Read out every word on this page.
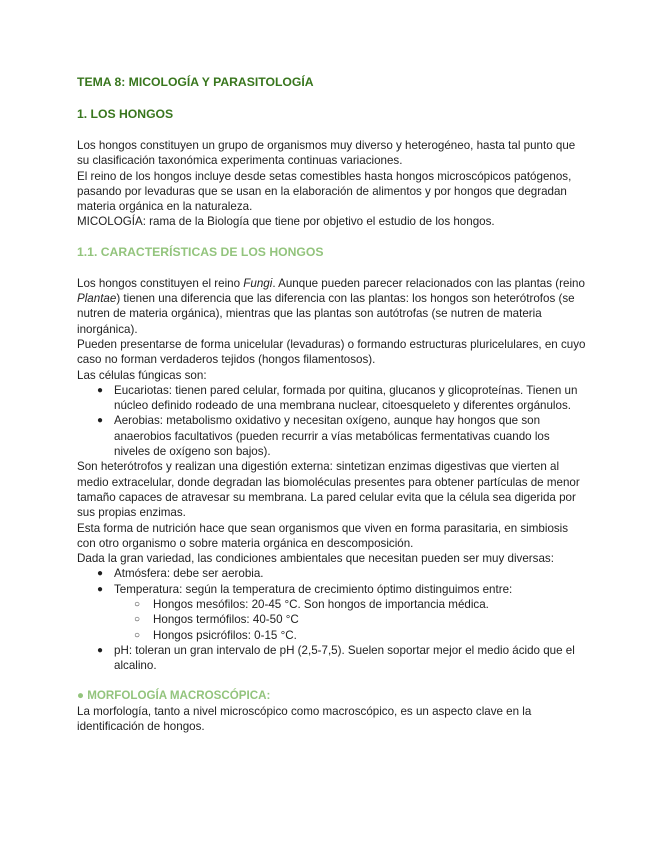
TEMA 8: MICOLOGÍA Y PARASITOLOGÍA
1. LOS HONGOS

Los hongos constituyen un grupo de organismos muy diverso y heterogéneo, hasta tal punto que su clasificación taxonómica experimenta continuas variaciones.

El reino de los hongos incluye desde setas comestibles hasta hongos microscópicos patógenos, pasando por levaduras que se usan en la elaboración de alimentos y por hongos que degradan materia orgánica en la naturaleza.

MICOLOGÍA: rama de la Biología que tiene por objetivo el estudio de los hongos.

1.1. CARACTERÍSTICAS DE LOS HONGOS

Los hongos constituyen el reino Fungi. Aunque pueden parecer relacionados con las plantas (reino Plantae) tienen una diferencia que las diferencia con las plantas: los hongos son heterótrofos (se nutren de materia orgánica), mientras que las plantas son autótrofas (se nutren de materia inorgánica).

Pueden presentarse de forma unicelular (levaduras) o formando estructuras pluricelulares, en cuyo caso no forman verdaderos tejidos (hongos filamentosos).

Las células fúngicas son:

● Eucariotas: tienen pared celular, formada por quitina, glucanos y glicoproteínas. Tienen un núcleo definido rodeado de una membrana nuclear, citoesqueleto y diferentes orgánulos.
● Aerobias: metabolismo oxidativo y necesitan oxígeno, aunque hay hongos que son anaerobios facultativos (pueden recurrir a vías metabólicas fermentativas cuando los niveles de oxígeno son bajos).

Son heterótrofos y realizan una digestión externa: sintetizan enzimas digestivas que vierten al medio extracelular, donde degradan las biomoléculas presentes para obtener partículas de menor tamaño capaces de atravesar su membrana. La pared celular evita que la célula sea digerida por sus propias enzimas.

Esta forma de nutrición hace que sean organismos que viven en forma parasitaria, en simbiosis con otro organismo o sobre materia orgánica en descomposición.

Dada la gran variedad, las condiciones ambientales que necesitan pueden ser muy diversas:

● Atmósfera: debe ser aerobia.
● Temperatura: según la temperatura de crecimiento óptimo distinguimos entre:
○ Hongos mesófilos: 20-45 °C. Son hongos de importancia médica.
○ Hongos termófilos: 40-50 °C
○ Hongos psicrófilos: 0-15 °C.
● pH: toleran un gran intervalo de pH (2,5-7,5). Suelen soportar mejor el medio ácido que el alcalino.

● MORFOLOGÍA MACROSCÓPICA:

La morfología, tanto a nivel microscópico como macroscópico, es un aspecto clave en la identificación de hongos.
